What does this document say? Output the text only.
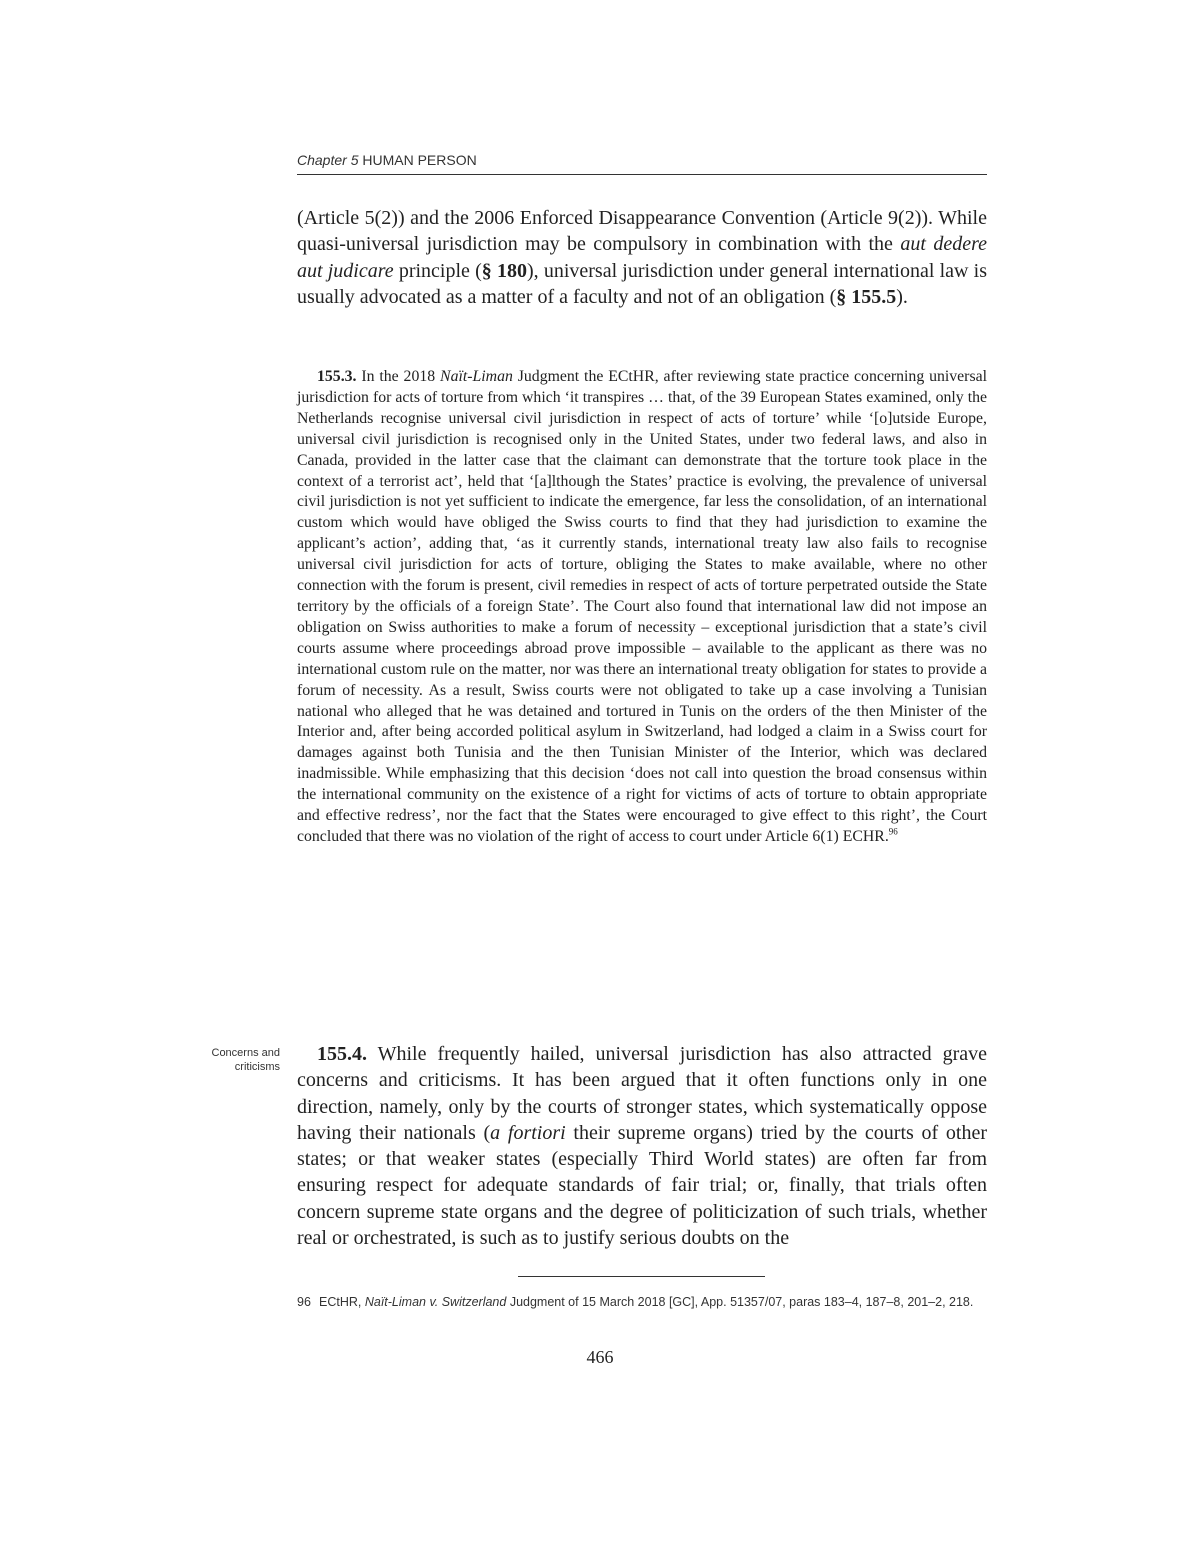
Chapter 5 HUMAN PERSON
(Article 5(2)) and the 2006 Enforced Disappearance Convention (Article 9(2)). While quasi-universal jurisdiction may be compulsory in combination with the aut dedere aut judicare principle (§ 180), universal jurisdiction under general international law is usually advocated as a matter of a faculty and not of an obligation (§ 155.5).
155.3. In the 2018 Naït-Liman Judgment the ECtHR, after reviewing state practice concerning universal jurisdiction for acts of torture from which ‘it transpires … that, of the 39 European States examined, only the Netherlands recognise universal civil jurisdiction in respect of acts of torture’ while ‘[o]utside Europe, universal civil jurisdiction is recognised only in the United States, under two federal laws, and also in Canada, provided in the latter case that the claimant can demonstrate that the torture took place in the context of a terrorist act’, held that ‘[a]lthough the States’ practice is evolving, the prevalence of universal civil jurisdiction is not yet sufficient to indicate the emergence, far less the consolidation, of an international custom which would have obliged the Swiss courts to find that they had jurisdiction to examine the applicant’s action’, adding that, ‘as it currently stands, international treaty law also fails to recognise universal civil jurisdiction for acts of torture, obliging the States to make available, where no other connection with the forum is present, civil remedies in respect of acts of torture perpetrated outside the State territory by the officials of a foreign State’. The Court also found that international law did not impose an obligation on Swiss authorities to make a forum of necessity – exceptional jurisdiction that a state’s civil courts assume where proceedings abroad prove impossible – available to the applicant as there was no international custom rule on the matter, nor was there an international treaty obligation for states to provide a forum of necessity. As a result, Swiss courts were not obligated to take up a case involving a Tunisian national who alleged that he was detained and tortured in Tunis on the orders of the then Minister of the Interior and, after being accorded political asylum in Switzerland, had lodged a claim in a Swiss court for damages against both Tunisia and the then Tunisian Minister of the Interior, which was declared inadmissible. While emphasizing that this decision ‘does not call into question the broad consensus within the international community on the existence of a right for victims of acts of torture to obtain appropriate and effective redress’, nor the fact that the States were encouraged to give effect to this right’, the Court concluded that there was no violation of the right of access to court under Article 6(1) ECHR.$^{96}$
Concerns and
criticisms
155.4. While frequently hailed, universal jurisdiction has also attracted grave concerns and criticisms. It has been argued that it often functions only in one direction, namely, only by the courts of stronger states, which systematically oppose having their nationals (a fortiori their supreme organs) tried by the courts of other states; or that weaker states (especially Third World states) are often far from ensuring respect for adequate standards of fair trial; or, finally, that trials often concern supreme state organs and the degree of politicization of such trials, whether real or orchestrated, is such as to justify serious doubts on the
96 ECtHR, Naït-Liman v. Switzerland Judgment of 15 March 2018 [GC], App. 51357/07, paras 183–4, 187–8, 201–2, 218.
466
